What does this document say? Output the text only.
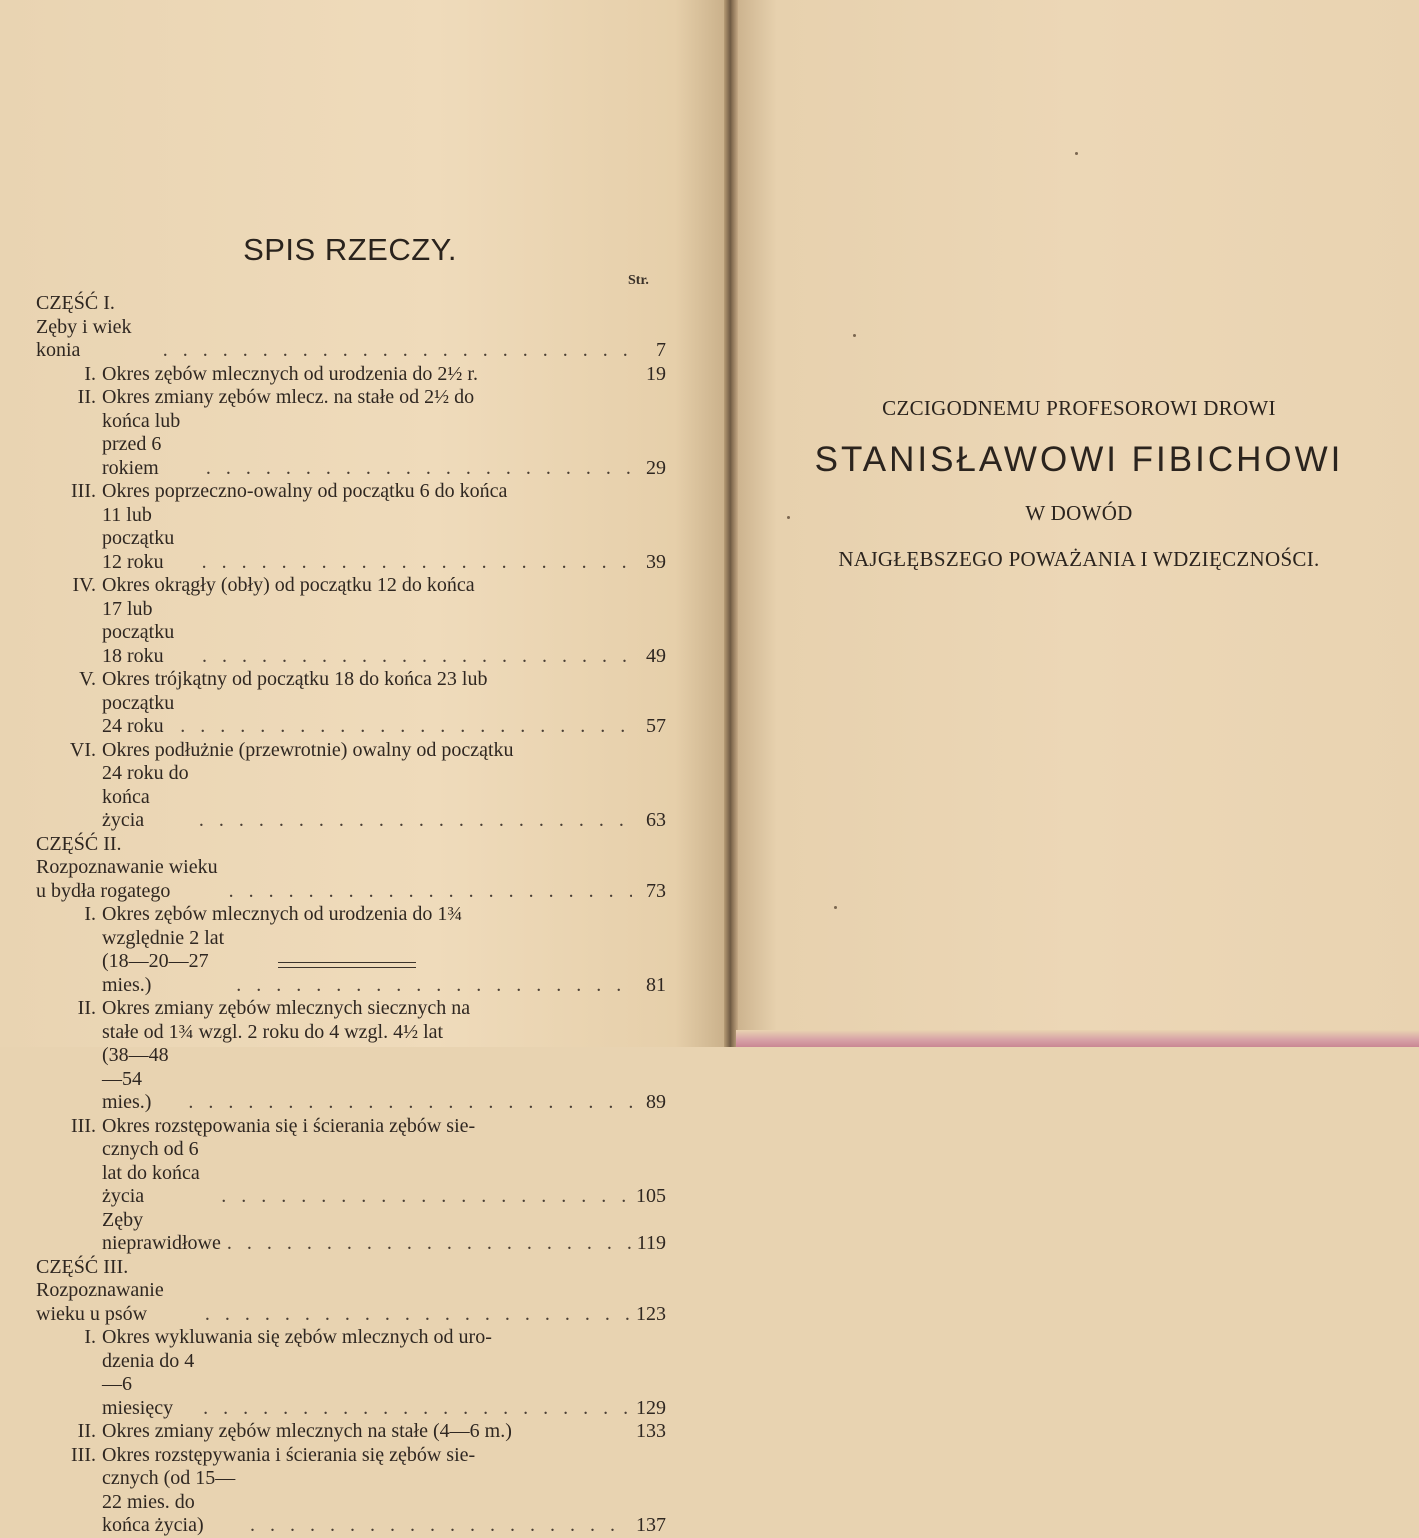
SPIS RZECZY.
Str.
CZĘŚĆ I. Zęby i wiek konia . . .	7
I. Okres zębów mlecznych od urodzenia do 2½ r.	19
II. Okres zmiany zębów mlecz. na stałe od 2½ do
końca lub przed 6 rokiem . . .	29
III. Okres poprzeczno-owalny od początku 6 do końca
11 lub początku 12 roku . . .	39
IV. Okres okrągły (obły) od początku 12 do końca
17 lub początku 18 roku . . .	49
V. Okres trójkątny od początku 18 do końca 23 lub
początku 24 roku . . .	57
VI. Okres podłużnie (przewrotnie) owalny od początku
24 roku do końca życia . . .	63
CZĘŚĆ II. Rozpoznawanie wieku u bydła rogatego . . .	73
I. Okres zębów mlecznych od urodzenia do 1¾
względnie 2 lat (18—20—27 mies.) . . .	81
II. Okres zmiany zębów mlecznych siecznych na
stałe od 1¾ wzgl. 2 roku do 4 wzgl. 4½ lat
(38—48—54 mies.) . . .	89
III. Okres rozstępowania się i ścierania zębów sie-
cznych od 6 lat do końca życia . . .	105
Zęby nieprawidłowe . . .	119
CZĘŚĆ III. Rozpoznawanie wieku u psów . . .	123
I. Okres wykluwania się zębów mlecznych od uro-
dzenia do 4—6 miesięcy . . .	129
II. Okres zmiany zębów mlecznych na stałe (4—6 m.)	133
III. Okres rozstępywania i ścierania się zębów sie-
cznych (od 15—22 mies. do końca życia) . . .	137
CZCIGODNEMU PROFESOROWI DROWI
STANISŁAWOWI FIBICHOWI
W DOWÓD
NAJGŁĘBSZEGO POWAŻANIA I WDZIĘCZNOŚCI.
